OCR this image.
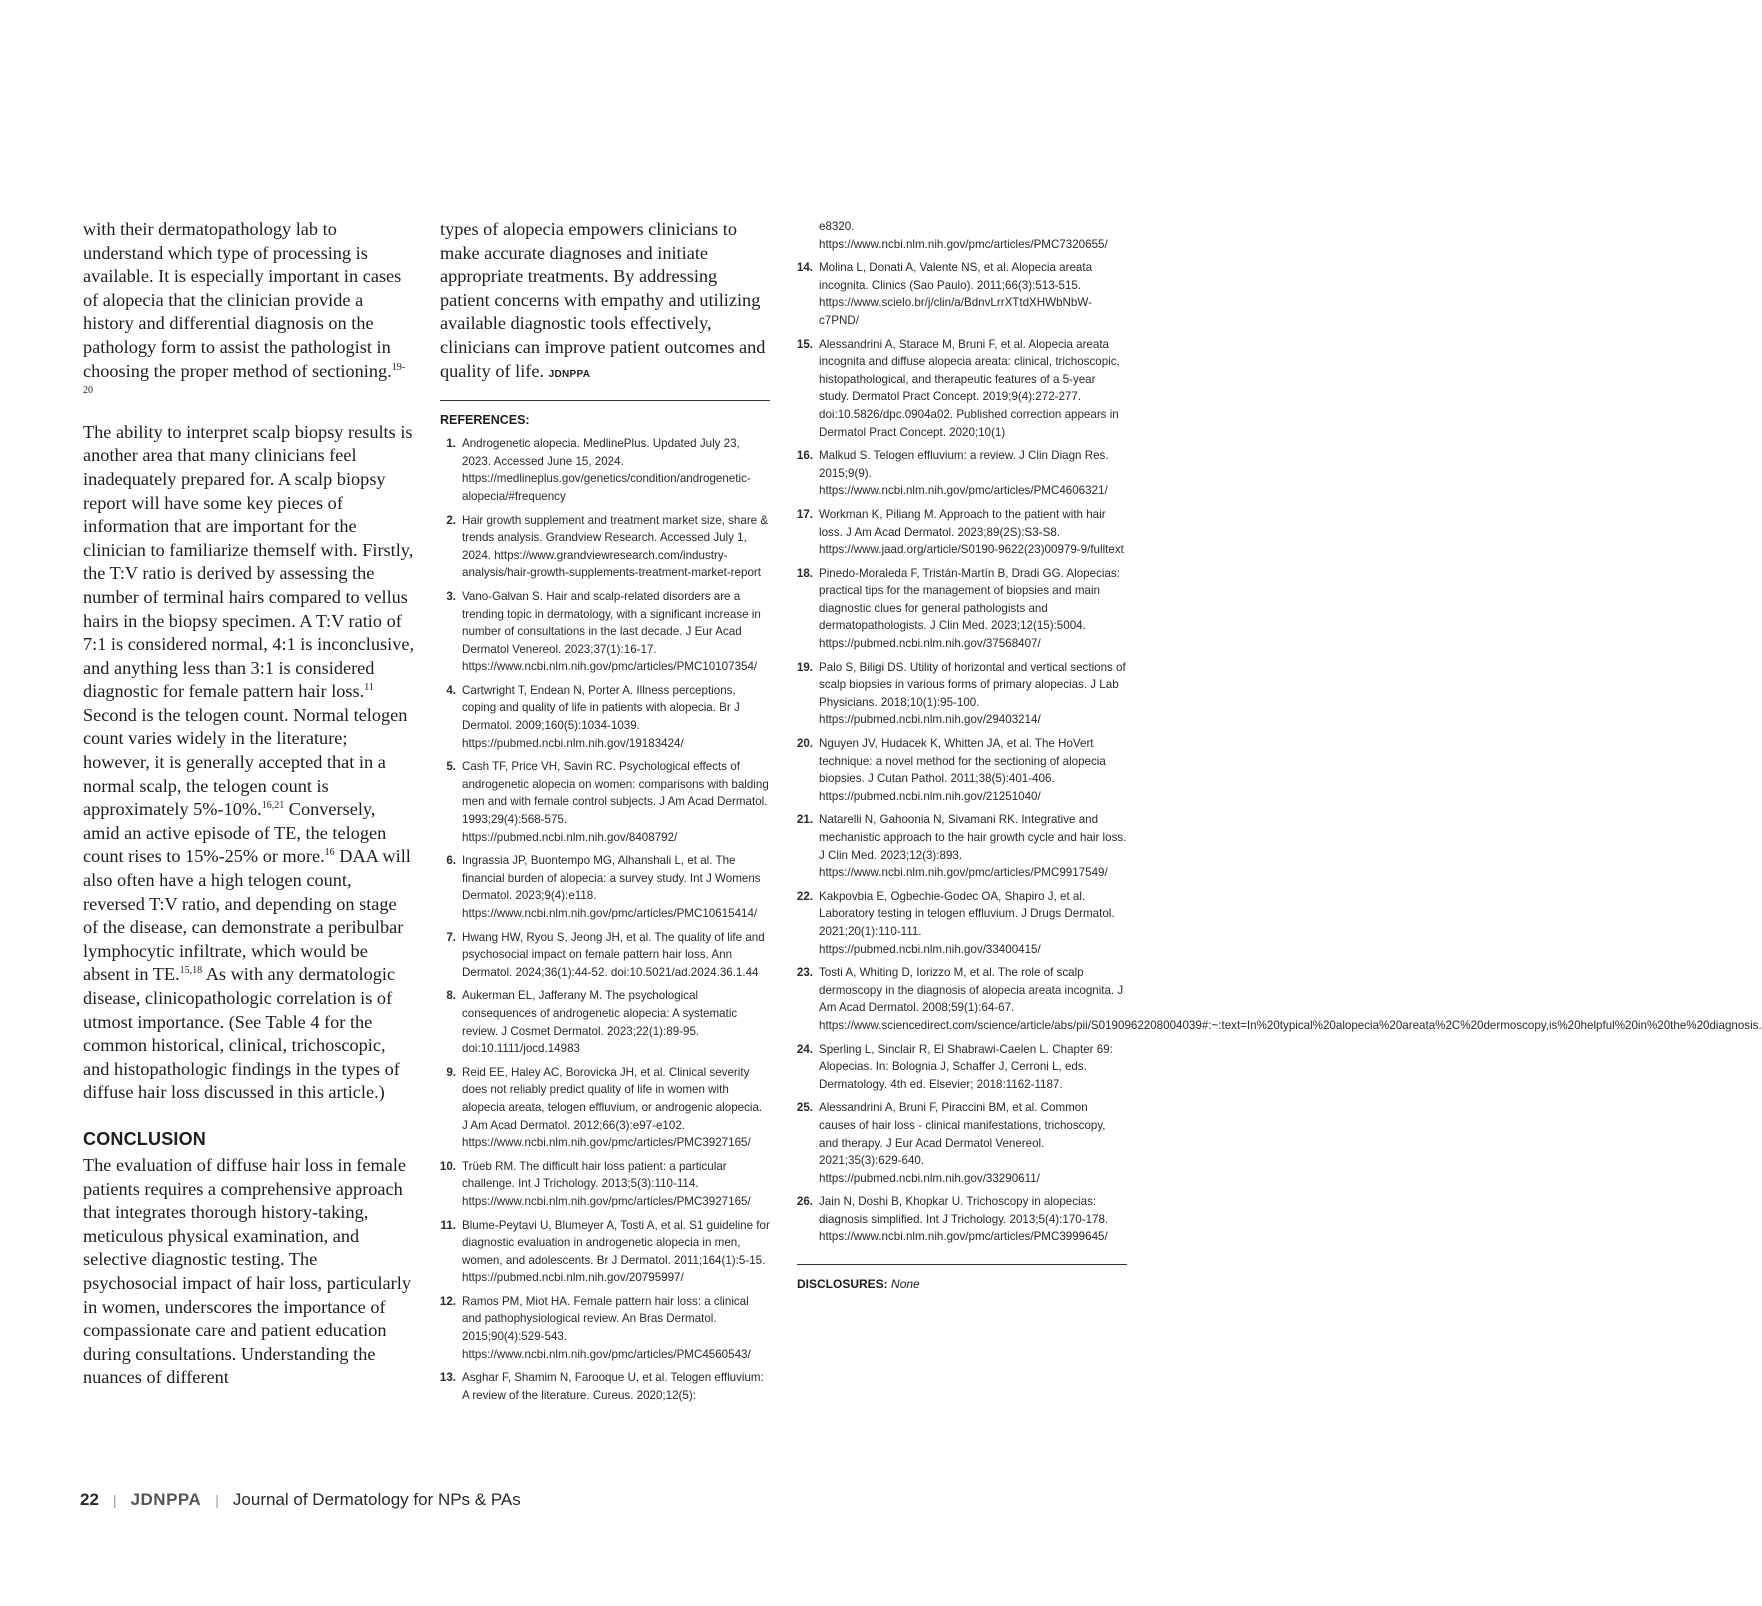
with their dermatopathology lab to understand which type of processing is available. It is especially important in cases of alopecia that the clinician provide a history and differential diagnosis on the pathology form to assist the pathologist in choosing the proper method of sectioning.$^{19-20}$

The ability to interpret scalp biopsy results is another area that many clinicians feel inadequately prepared for. A scalp biopsy report will have some key pieces of information that are important for the clinician to familiarize themself with. Firstly, the T:V ratio is derived by assessing the number of terminal hairs compared to vellus hairs in the biopsy specimen. A T:V ratio of 7:1 is considered normal, 4:1 is inconclusive, and anything less than 3:1 is considered diagnostic for female pattern hair loss.$^{11}$ Second is the telogen count. Normal telogen count varies widely in the literature; however, it is generally accepted that in a normal scalp, the telogen count is approximately 5%-10%.$^{16,21}$ Conversely, amid an active episode of TE, the telogen count rises to 15%-25% or more.$^{16}$ DAA will also often have a high telogen count, reversed T:V ratio, and depending on stage of the disease, can demonstrate a peribulbar lymphocytic infiltrate, which would be absent in TE.$^{15,18}$ As with any dermatologic disease, clinicopathologic correlation is of utmost importance. (See Table 4 for the common historical, clinical, trichoscopic, and histopathologic findings in the types of diffuse hair loss discussed in this article.)

CONCLUSION

The evaluation of diffuse hair loss in female patients requires a comprehensive approach that integrates thorough history-taking, meticulous physical examination, and selective diagnostic testing. The psychosocial impact of hair loss, particularly in women, underscores the importance of compassionate care and patient education during consultations. Understanding the nuances of different

types of alopecia empowers clinicians to make accurate diagnoses and initiate appropriate treatments. By addressing patient concerns with empathy and utilizing available diagnostic tools effectively, clinicians can improve patient outcomes and quality of life. JDNPPA

REFERENCES:
1. Androgenetic alopecia. MedlinePlus. Updated July 23, 2023. Accessed June 15, 2024. https://medlineplus.gov/genetics/condition/androgenetic-alopecia/#frequency
2. Hair growth supplement and treatment market size, share & trends analysis. Grandview Research. Accessed July 1, 2024. https://www.grandviewresearch.com/industry-analysis/hair-growth-supplements-treatment-market-report
3. Vano-Galvan S. Hair and scalp-related disorders are a trending topic in dermatology, with a significant increase in number of consultations in the last decade. J Eur Acad Dermatol Venereol. 2023;37(1):16-17. https://www.ncbi.nlm.nih.gov/pmc/articles/PMC10107354/
4. Cartwright T, Endean N, Porter A. Illness perceptions, coping and quality of life in patients with alopecia. Br J Dermatol. 2009;160(5):1034-1039. https://pubmed.ncbi.nlm.nih.gov/19183424/
5. Cash TF, Price VH, Savin RC. Psychological effects of androgenetic alopecia on women: comparisons with balding men and with female control subjects. J Am Acad Dermatol. 1993;29(4):568-575. https://pubmed.ncbi.nlm.nih.gov/8408792/
6. Ingrassia JP, Buontempo MG, Alhanshali L, et al. The financial burden of alopecia: a survey study. Int J Womens Dermatol. 2023;9(4):e118. https://www.ncbi.nlm.nih.gov/pmc/articles/PMC10615414/
7. Hwang HW, Ryou S, Jeong JH, et al. The quality of life and psychosocial impact on female pattern hair loss. Ann Dermatol. 2024;36(1):44-52. doi:10.5021/ad.2024.36.1.44
8. Aukerman EL, Jafferany M. The psychological consequences of androgenetic alopecia: A systematic review. J Cosmet Dermatol. 2023;22(1):89-95. doi:10.1111/jocd.14983
9. Reid EE, Haley AC, Borovicka JH, et al. Clinical severity does not reliably predict quality of life in women with alopecia areata, telogen effluvium, or androgenic alopecia. J Am Acad Dermatol. 2012;66(3):e97-e102. https://www.ncbi.nlm.nih.gov/pmc/articles/PMC3927165/
10. Trüeb RM. The difficult hair loss patient: a particular challenge. Int J Trichology. 2013;5(3):110-114. https://www.ncbi.nlm.nih.gov/pmc/articles/PMC3927165/
11. Blume-Peytavi U, Blumeyer A, Tosti A, et al. S1 guideline for diagnostic evaluation in androgenetic alopecia in men, women, and adolescents. Br J Dermatol. 2011;164(1):5-15. https://pubmed.ncbi.nlm.nih.gov/20795997/
12. Ramos PM, Miot HA. Female pattern hair loss: a clinical and pathophysiological review. An Bras Dermatol. 2015;90(4):529-543. https://www.ncbi.nlm.nih.gov/pmc/articles/PMC4560543/
13. Asghar F, Shamim N, Farooque U, et al. Telogen effluvium: A review of the literature. Cureus. 2020;12(5):
e8320. https://www.ncbi.nlm.nih.gov/pmc/articles/PMC7320655/
14. Molina L, Donati A, Valente NS, et al. Alopecia areata incognita. Clinics (Sao Paulo). 2011;66(3):513-515. https://www.scielo.br/j/clin/a/BdnvLrrXTtdXHWbNbW-c7PND/
15. Alessandrini A, Starace M, Bruni F, et al. Alopecia areata incognita and diffuse alopecia areata: clinical, trichoscopic, histopathological, and therapeutic features of a 5-year study. Dermatol Pract Concept. 2019;9(4):272-277. doi:10.5826/dpc.0904a02. Published correction appears in Dermatol Pract Concept. 2020;10(1)
16. Malkud S. Telogen effluvium: a review. J Clin Diagn Res. 2015;9(9). https://www.ncbi.nlm.nih.gov/pmc/articles/PMC4606321/
17. Workman K, Piliang M. Approach to the patient with hair loss. J Am Acad Dermatol. 2023;89(2S):S3-S8. https://www.jaad.org/article/S0190-9622(23)00979-9/fulltext
18. Pinedo-Moraleda F, Tristán-Martín B, Dradi GG. Alopecias: practical tips for the management of biopsies and main diagnostic clues for general pathologists and dermatopathologists. J Clin Med. 2023;12(15):5004. https://pubmed.ncbi.nlm.nih.gov/37568407/
19. Palo S, Biligi DS. Utility of horizontal and vertical sections of scalp biopsies in various forms of primary alopecias. J Lab Physicians. 2018;10(1):95-100. https://pubmed.ncbi.nlm.nih.gov/29403214/
20. Nguyen JV, Hudacek K, Whitten JA, et al. The HoVert technique: a novel method for the sectioning of alopecia biopsies. J Cutan Pathol. 2011;38(5):401-406. https://pubmed.ncbi.nlm.nih.gov/21251040/
21. Natarelli N, Gahoonia N, Sivamani RK. Integrative and mechanistic approach to the hair growth cycle and hair loss. J Clin Med. 2023;12(3):893. https://www.ncbi.nlm.nih.gov/pmc/articles/PMC9917549/
22. Kakpovbia E, Ogbechie-Godec OA, Shapiro J, et al. Laboratory testing in telogen effluvium. J Drugs Dermatol. 2021;20(1):110-111. https://pubmed.ncbi.nlm.nih.gov/33400415/
23. Tosti A, Whiting D, Iorizzo M, et al. The role of scalp dermoscopy in the diagnosis of alopecia areata incognita. J Am Acad Dermatol. 2008;59(1):64-67. https://www.sciencedirect.com/science/article/abs/pii/S0190962208004039#:~:text=In%20typical%20alopecia%20areata%2C%20dermoscopy,is%20helpful%20in%20the%20diagnosis.
24. Sperling L, Sinclair R, El Shabrawi-Caelen L. Chapter 69: Alopecias. In: Bolognia J, Schaffer J, Cerroni L, eds. Dermatology. 4th ed. Elsevier; 2018:1162-1187.
25. Alessandrini A, Bruni F, Piraccini BM, et al. Common causes of hair loss - clinical manifestations, trichoscopy, and therapy. J Eur Acad Dermatol Venereol. 2021;35(3):629-640. https://pubmed.ncbi.nlm.nih.gov/33290611/
26. Jain N, Doshi B, Khopkar U. Trichoscopy in alopecias: diagnosis simplified. Int J Trichology. 2013;5(4):170-178. https://www.ncbi.nlm.nih.gov/pmc/articles/PMC3999645/
DISCLOSURES: None
22 | JDNPPA | Journal of Dermatology for NPs & PAs
